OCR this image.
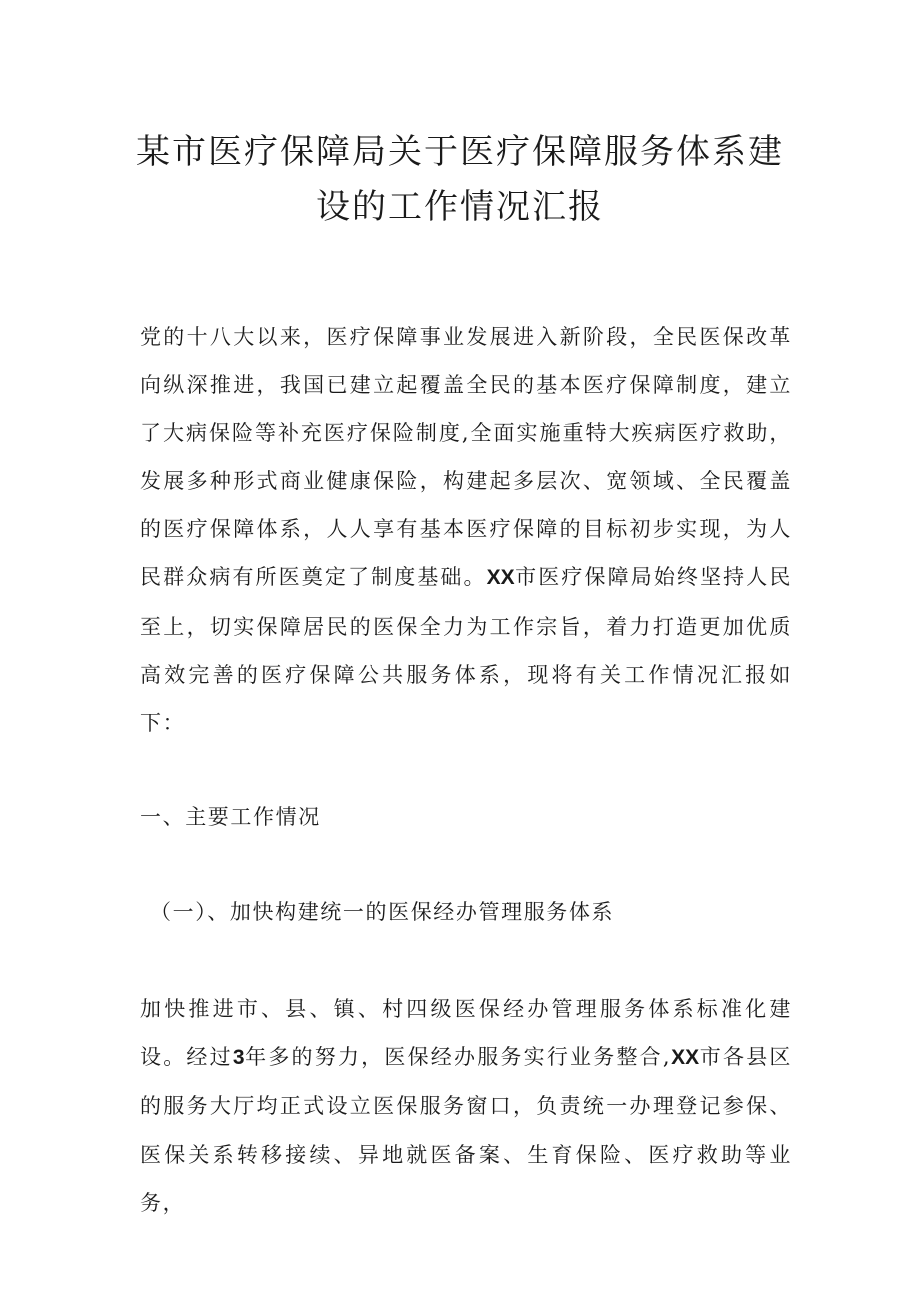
某市医疗保障局关于医疗保障服务体系建
设的工作情况汇报

党的十八大以来，医疗保障事业发展进入新阶段，全民医保改革向纵深推进，我国已建立起覆盖全民的基本医疗保障制度，建立了大病保险等补充医疗保险制度,全面实施重特大疾病医疗救助，发展多种形式商业健康保险，构建起多层次、宽领域、全民覆盖的医疗保障体系，人人享有基本医疗保障的目标初步实现，为人民群众病有所医奠定了制度基础。XX市医疗保障局始终坚持人民至上，切实保障居民的医保全力为工作宗旨，着力打造更加优质高效完善的医疗保障公共服务体系，现将有关工作情况汇报如下：

一、主要工作情况
（一）、加快构建统一的医保经办管理服务体系

加快推进市、县、镇、村四级医保经办管理服务体系标准化建设。经过3年多的努力，医保经办服务实行业务整合,XX市各县区的服务大厅均正式设立医保服务窗口，负责统一办理登记参保、医保关系转移接续、异地就医备案、生育保险、医疗救助等业务，
